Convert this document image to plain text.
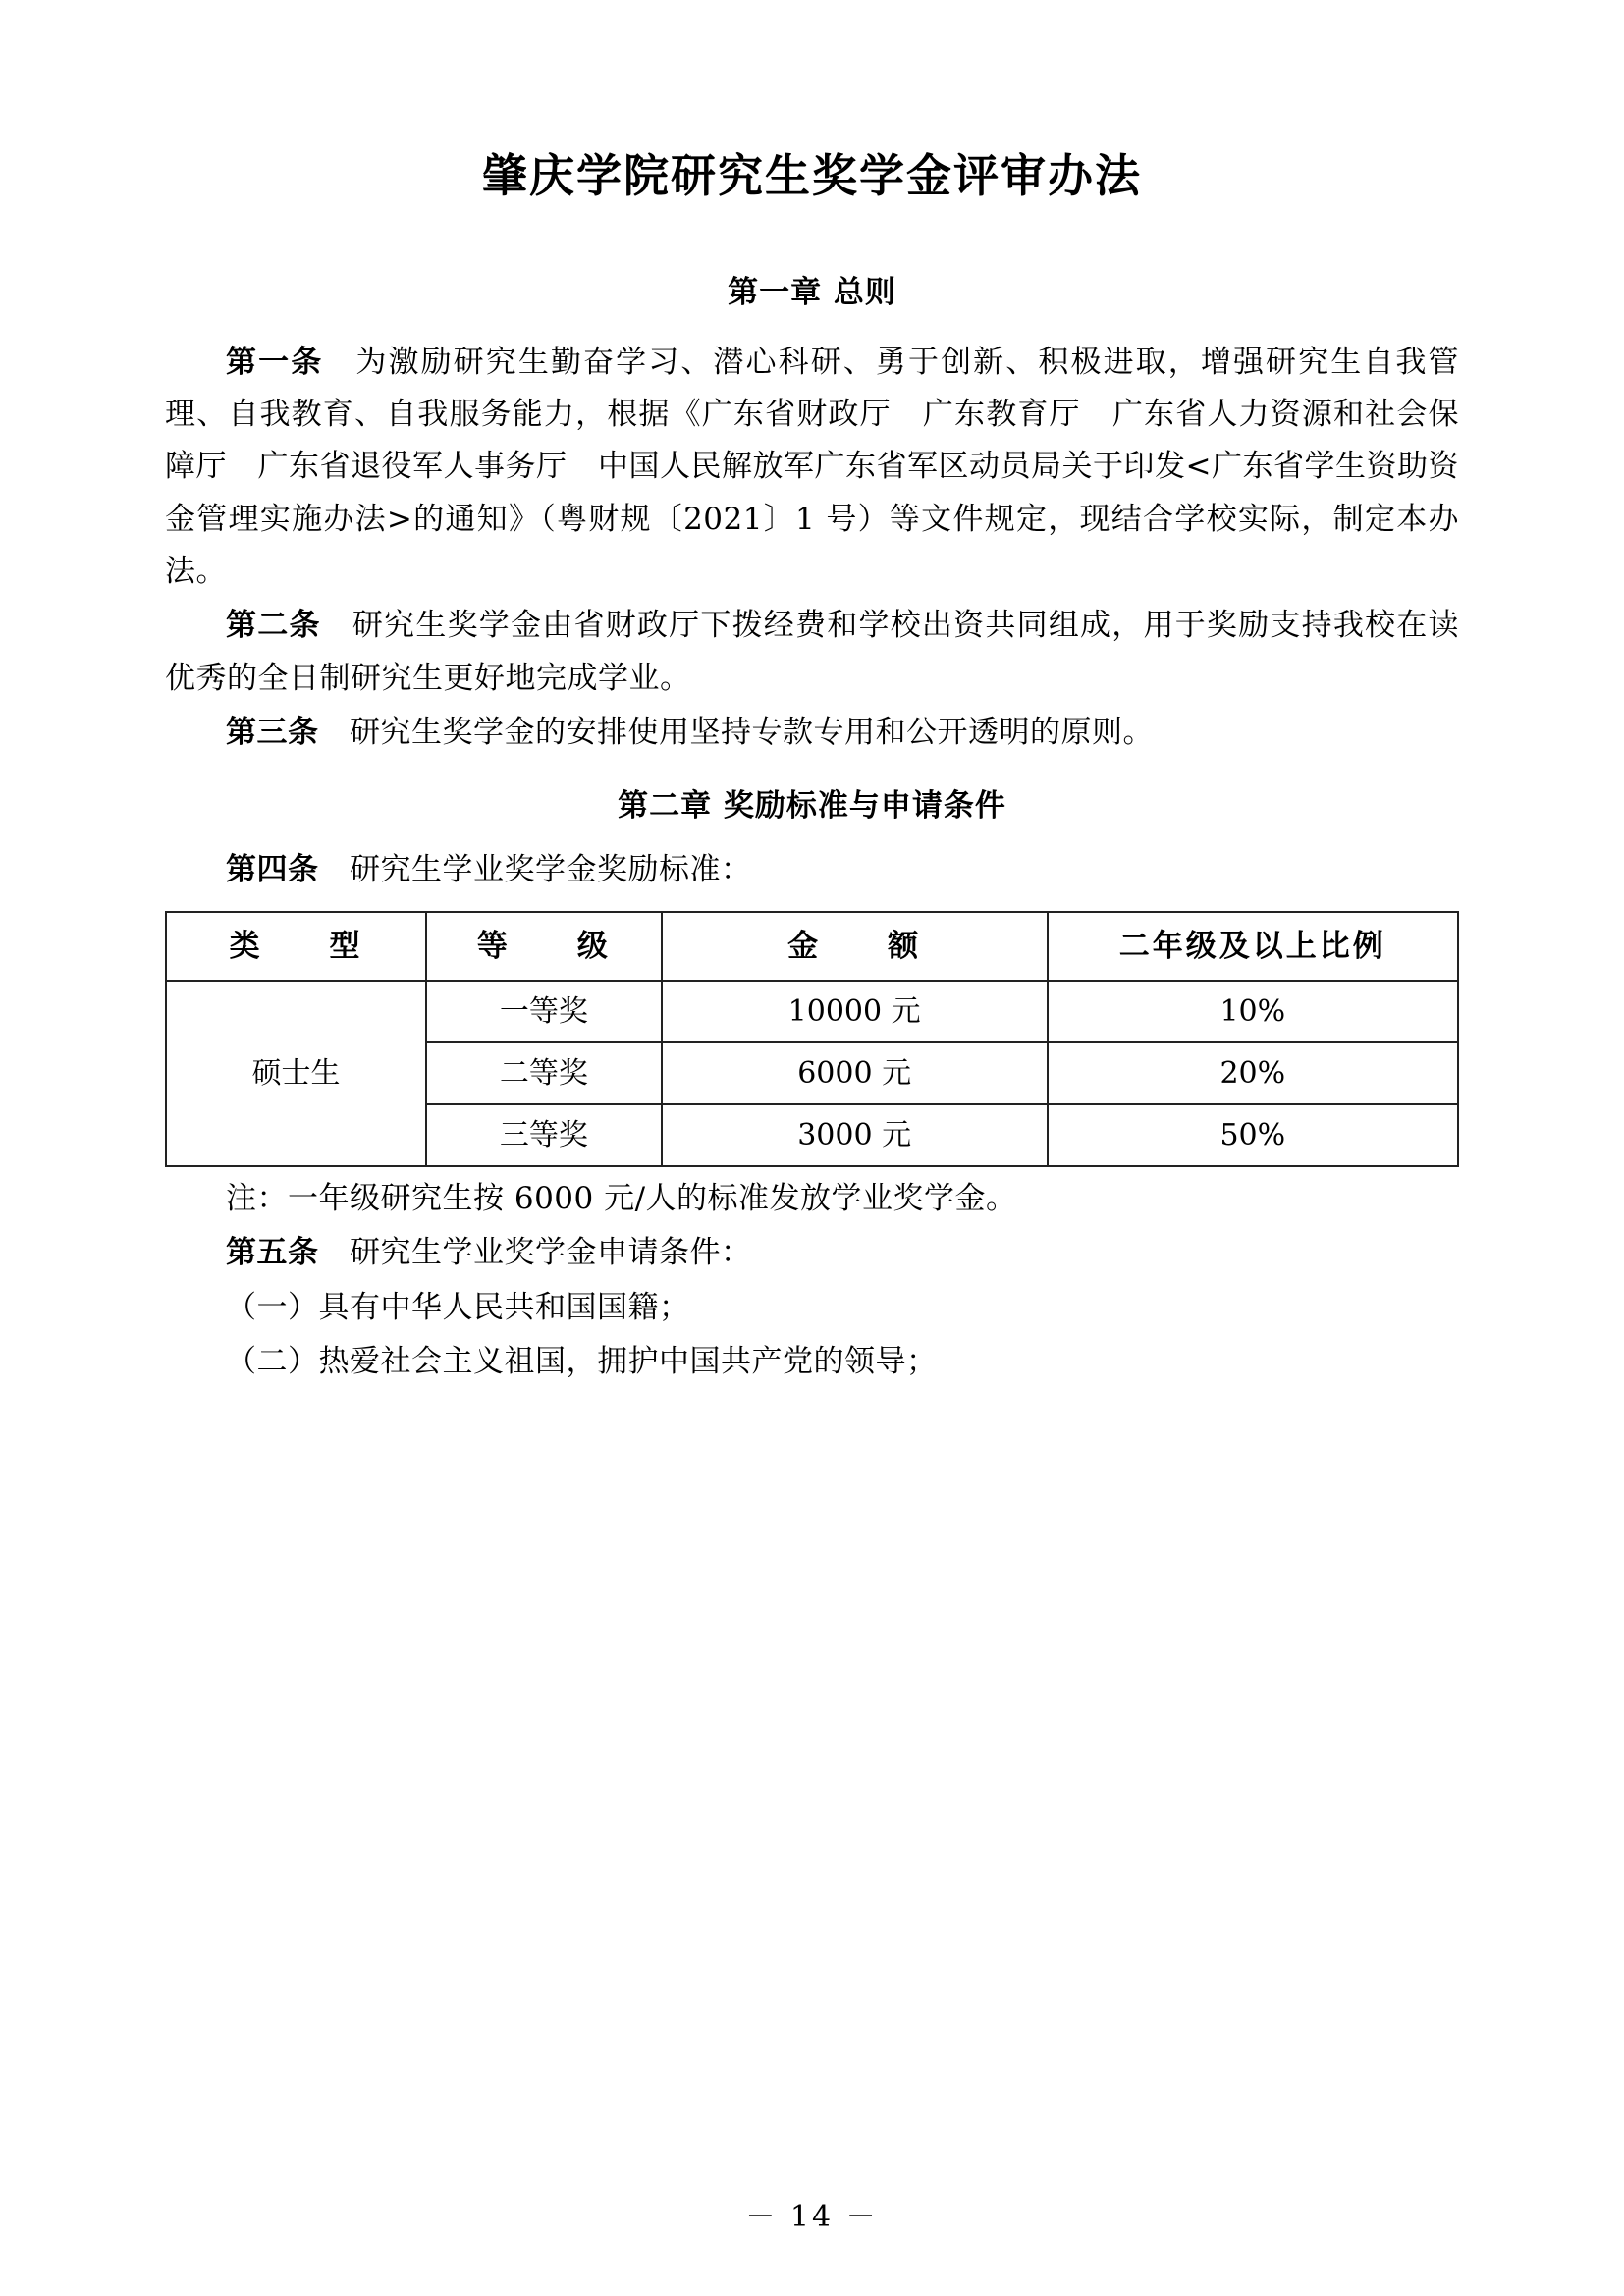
肇庆学院研究生奖学金评审办法
第一章 总则

第一条　为激励研究生勤奋学习、潜心科研、勇于创新、积极进取，增强研究生自我管理、自我教育、自我服务能力，根据《广东省财政厅　广东教育厅　广东省人力资源和社会保障厅　广东省退役军人事务厅　中国人民解放军广东省军区动员局关于印发<广东省学生资助资金管理实施办法>的通知》（粤财规〔2021〕1 号）等文件规定，现结合学校实际，制定本办法。

第二条　研究生奖学金由省财政厅下拨经费和学校出资共同组成，用于奖励支持我校在读优秀的全日制研究生更好地完成学业。

第三条　研究生奖学金的安排使用坚持专款专用和公开透明的原则。

第二章 奖励标准与申请条件

第四条　研究生学业奖学金奖励标准：

类　　型	等　　级	金　　额	二年级及以上比例
硕士生	一等奖	10000 元	10%
	二等奖	6000 元	20%
	三等奖	3000 元	50%

注：一年级研究生按 6000 元/人的标准发放学业奖学金。

第五条　研究生学业奖学金申请条件：

（一）具有中华人民共和国国籍；

（二）热爱社会主义祖国，拥护中国共产党的领导；

－ 14 －
